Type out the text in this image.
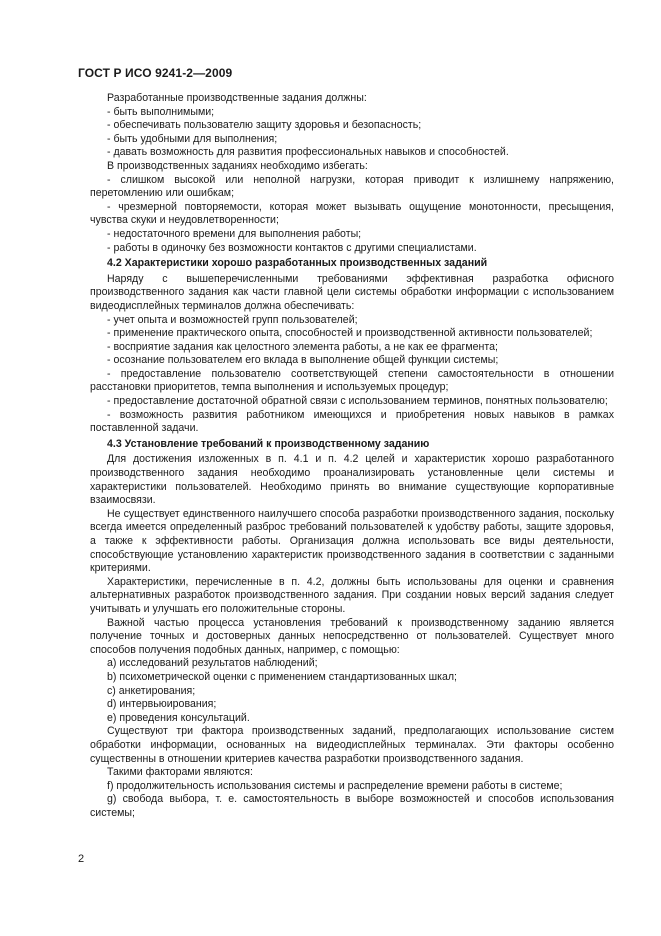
ГОСТ Р ИСО 9241-2—2009

Разработанные производственные задания должны:

- быть выполнимыми;

- обеспечивать пользователю защиту здоровья и безопасность;

- быть удобными для выполнения;

- давать возможность для развития профессиональных навыков и способностей.

В производственных заданиях необходимо избегать:

- слишком высокой или неполной нагрузки, которая приводит к излишнему напряжению, перетомлению или ошибкам;

- чрезмерной повторяемости, которая может вызывать ощущение монотонности, пресыщения, чувства скуки и неудовлетворенности;

- недостаточного времени для выполнения работы;

- работы в одиночку без возможности контактов с другими специалистами.

4.2 Характеристики хорошо разработанных производственных заданий

Наряду с вышеперечисленными требованиями эффективная разработка офисного производственного задания как части главной цели системы обработки информации с использованием видеодисплейных терминалов должна обеспечивать:

- учет опыта и возможностей групп пользователей;

- применение практического опыта, способностей и производственной активности пользователей;

- восприятие задания как целостного элемента работы, а не как ее фрагмента;

- осознание пользователем его вклада в выполнение общей функции системы;

- предоставление пользователю соответствующей степени самостоятельности в отношении расстановки приоритетов, темпа выполнения и используемых процедур;

- предоставление достаточной обратной связи с использованием терминов, понятных пользователю;

- возможность развития работником имеющихся и приобретения новых навыков в рамках поставленной задачи.

4.3 Установление требований к производственному заданию

Для достижения изложенных в п. 4.1 и п. 4.2 целей и характеристик хорошо разработанного производственного задания необходимо проанализировать установленные цели системы и характеристики пользователей. Необходимо принять во внимание существующие корпоративные взаимосвязи.

Не существует единственного наилучшего способа разработки производственного задания, поскольку всегда имеется определенный разброс требований пользователей к удобству работы, защите здоровья, а также к эффективности работы. Организация должна использовать все виды деятельности, способствующие установлению характеристик производственного задания в соответствии с заданными критериями.

Характеристики, перечисленные в п. 4.2, должны быть использованы для оценки и сравнения альтернативных разработок производственного задания. При создании новых версий задания следует учитывать и улучшать его положительные стороны.

Важной частью процесса установления требований к производственному заданию является получение точных и достоверных данных непосредственно от пользователей. Существует много способов получения подобных данных, например, с помощью:

а) исследований результатов наблюдений;

b) психометрической оценки с применением стандартизованных шкал;

с) анкетирования;

d) интервьюирования;

е) проведения консультаций.

Существуют три фактора производственных заданий, предполагающих использование систем обработки информации, основанных на видеодисплейных терминалах. Эти факторы особенно существенны в отношении критериев качества разработки производственного задания.

Такими факторами являются:

f) продолжительность использования системы и распределение времени работы в системе;

g) свобода выбора, т. е. самостоятельность в выборе возможностей и способов использования системы;

2
